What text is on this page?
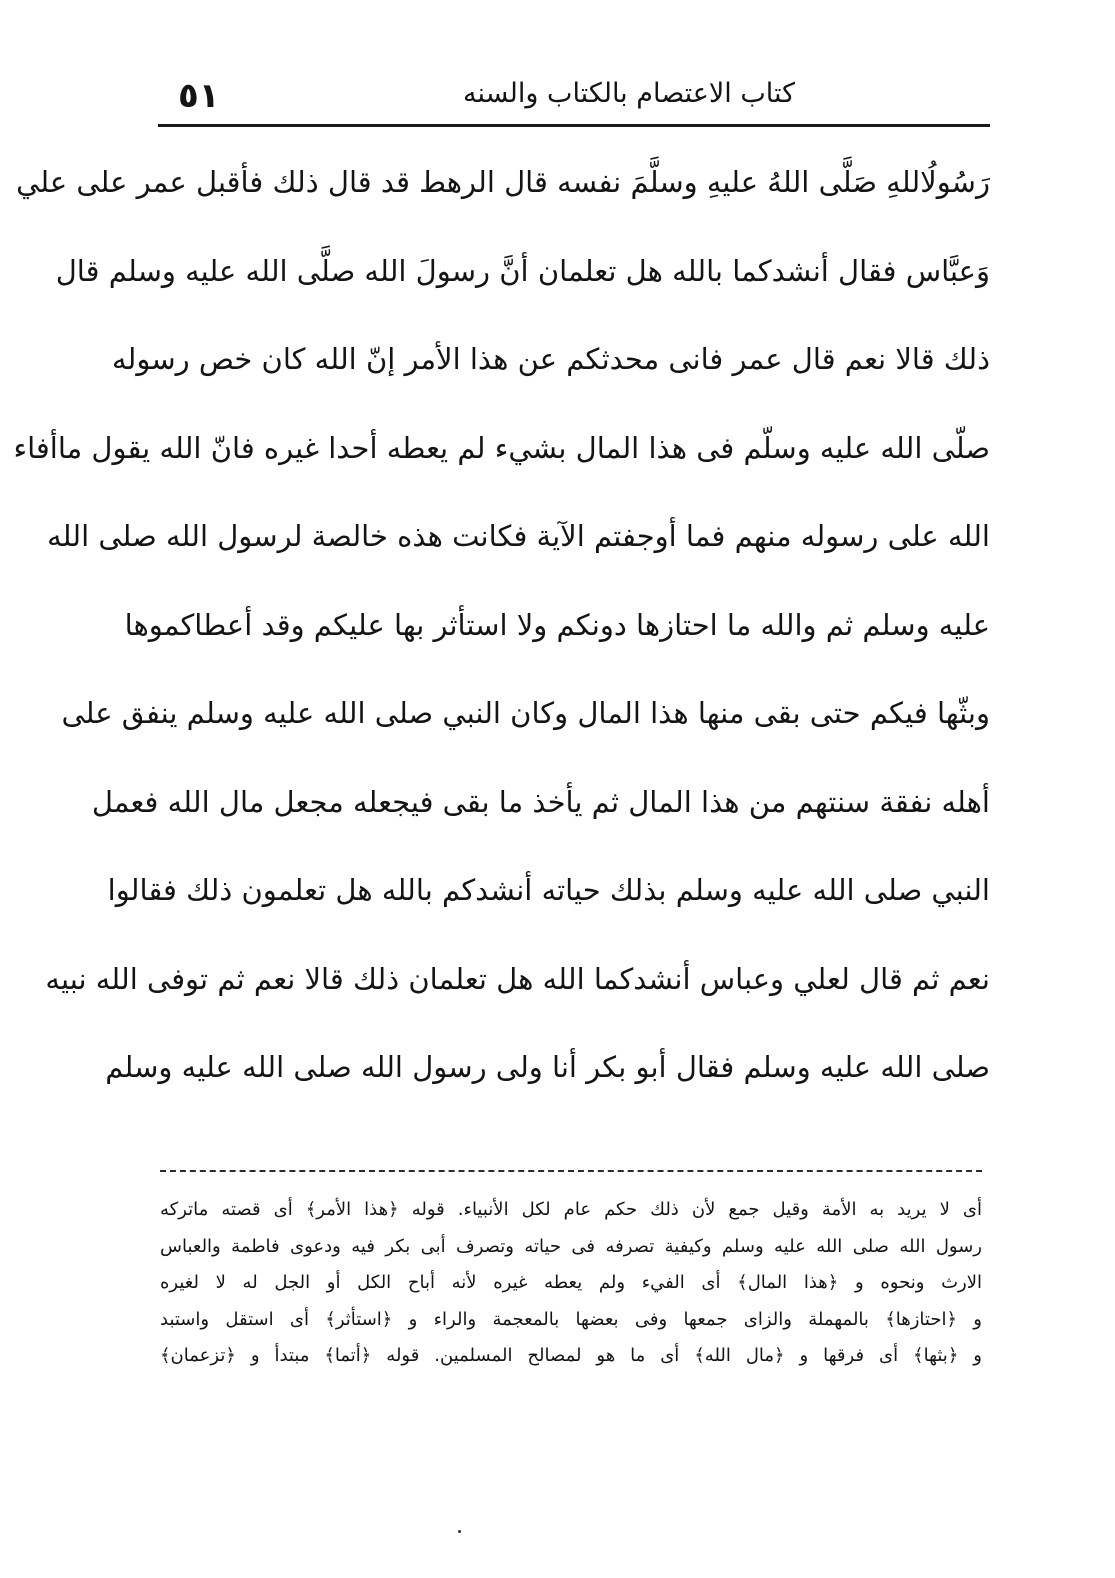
٥١	كتاب الاعتصام بالكتاب والسنه
رَسُولُاللهِ صَلَّى اللهُ عليهِ وسلَّمَ نفسه قال الرهط قد قال ذلك فأقبل عمر على علي
وَعبَّاس فقال أنشدكما بالله هل تعلمان أنَّ رسولَ الله صلَّى الله عليه وسلم قال
ذلك قالا نعم قال عمر فانى محدثكم عن هذا الأمر إنّ الله كان خص رسوله
صلّى الله عليه وسلّم فى هذا المال بشيء لم يعطه أحدا غيره فانّ الله يقول ماأفاء
الله على رسوله منهم فما أوجفتم الآية فكانت هذه خالصة لرسول الله صلى الله
عليه وسلم ثم والله ما احتازها دونكم ولا استأثر بها عليكم وقد أعطاكموها
وبثّها فيكم حتى بقى منها هذا المال وكان النبي صلى الله عليه وسلم ينفق على
أهله نفقة سنتهم من هذا المال ثم يأخذ ما بقى فيجعله مجعل مال الله فعمل
النبي صلى الله عليه وسلم بذلك حياته أنشدكم بالله هل تعلمون ذلك فقالوا
نعم ثم قال لعلي وعباس أنشدكما الله هل تعلمان ذلك قالا نعم ثم توفى الله نبيه
صلى الله عليه وسلم فقال أبو بكر أنا ولى رسول الله صلى الله عليه وسلم
أى لا يريد به الأمة وقيل جمع لأن ذلك حكم عام لكل الأنبياء. قوله ﴿هذا الأمر﴾ أى قصته ماتركه
رسول الله صلى الله عليه وسلم وكيفية تصرفه فى حياته وتصرف أبى بكر فيه ودعوى فاطمة والعباس
الارث ونحوه و ﴿هذا المال﴾ أى الفيء ولم يعطه غيره لأنه أباح الكل أو الجل له لا لغيره
و ﴿احتازها﴾ بالمهملة والزاى جمعها وفى بعضها بالمعجمة والراء و ﴿استأثر﴾ أى استقل واستبد
و ﴿بثها﴾ أى فرقها و ﴿مال الله﴾ أى ما هو لمصالح المسلمين. قوله ﴿أتما﴾ مبتدأ و ﴿تزعمان﴾
